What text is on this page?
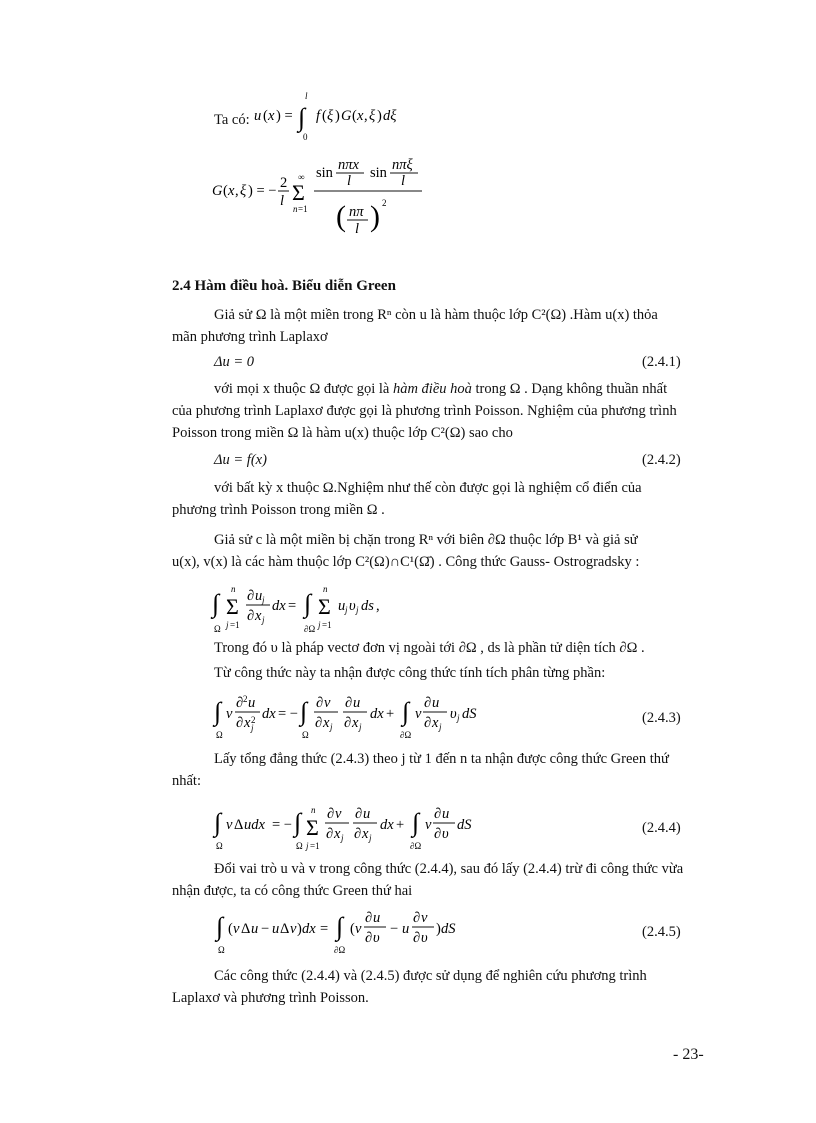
Ta có: u ( x ) = ∫
l
0
f ( ξ ) G ( x , ξ ) dξ
G ( x , ξ ) = − 2
l Σ
∞
n =1
sin nπx
l sin nπξ
l
( nπ
l ) 2
2.4 Hàm điều hoà. Biểu diễn Green
Giả sử Ω là một miền trong Rⁿ còn u là hàm thuộc lớp C²(Ω) .Hàm u(x) thỏa
mãn phương trình Laplaxơ
Δu = 0	(2.4.1)
với mọi x thuộc Ω được gọi là hàm điều hoà trong Ω . Dạng không thuần nhất
của phương trình Laplaxơ được gọi là phương trình Poisson. Nghiệm của phương trình
Poisson trong miền Ω là hàm u(x) thuộc lớp C²(Ω) sao cho
Δu = f(x)	(2.4.2)
với bất kỳ x thuộc Ω.Nghiệm như thế còn được gọi là nghiệm cổ điển của
phương trình Poisson trong miền Ω .
Giả sử c là một miền bị chặn trong Rⁿ với biên ∂Ω thuộc lớp B¹ và giả sử
u(x), v(x) là các hàm thuộc lớp C²(Ω)∩C¹(Ω̄) . Công thức Gauss- Ostrogradsky :
∫
Ω
Σ
n
j =1
∂ u j
∂ x j
dx = ∫
∂Ω
Σ
n
j =1
u j υ j ds ,
Trong đó υ là pháp vectơ đơn vị ngoài tới ∂Ω , ds là phần tử diện tích ∂Ω .
Từ công thức này ta nhận được công thức tính tích phân từng phần:
∫
Ω
v
∂ 2 u
∂ x 2
j
dx = − ∫
Ω
∂ v
∂ x j
∂ u
∂ x j
dx + ∫
∂Ω
v
∂ u
∂ x j
υ j dS	(2.4.3)
Lấy tổng đẳng thức (2.4.3) theo j từ 1 đến n ta nhận được công thức Green thứ
nhất:
∫
Ω
v Δ udx = − ∫
Ω
Σ
n
j =1
∂ v
∂ x j
∂ u
∂ x j
dx + ∫
∂Ω
v
∂ u
∂ υ
dS	(2.4.4)
Đổi vai trò u và v trong công thức (2.4.4), sau đó lấy (2.4.4) trừ đi công thức vừa
nhận được, ta có công thức Green thứ hai
∫
Ω
( v Δ u − u Δ v ) dx = ∫
∂Ω
( v
∂ u
∂ υ
− u
∂ v
∂ υ
) dS	(2.4.5)
Các công thức (2.4.4) và (2.4.5) được sử dụng để nghiên cứu phương trình
Laplaxơ và phương trình Poisson.
- 23-
